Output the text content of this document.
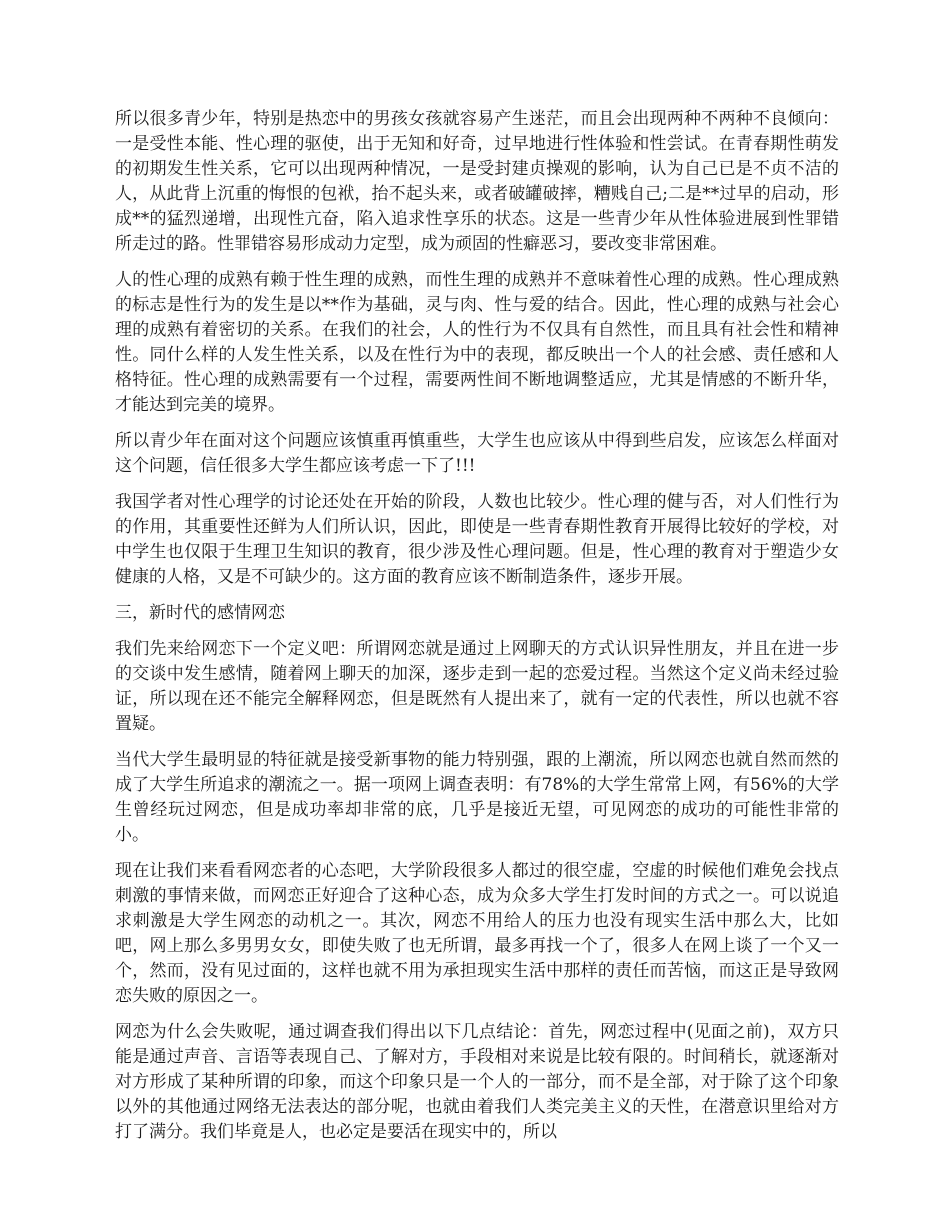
所以很多青少年，特别是热恋中的男孩女孩就容易产生迷茫，而且会出现两种不两种不良倾向：一是受性本能、性心理的驱使，出于无知和好奇，过早地进行性体验和性尝试。在青春期性萌发的初期发生性关系，它可以出现两种情况，一是受封建贞操观的影响，认为自己已是不贞不洁的人，从此背上沉重的悔恨的包袱，抬不起头来，或者破罐破摔，糟贱自己;二是**过早的启动，形成**的猛烈递增，出现性亢奋，陷入追求性享乐的状态。这是一些青少年从性体验进展到性罪错所走过的路。性罪错容易形成动力定型，成为顽固的性癖恶习，要改变非常困难。

人的性心理的成熟有赖于性生理的成熟，而性生理的成熟并不意味着性心理的成熟。性心理成熟的标志是性行为的发生是以**作为基础，灵与肉、性与爱的结合。因此，性心理的成熟与社会心理的成熟有着密切的关系。在我们的社会，人的性行为不仅具有自然性，而且具有社会性和精神性。同什么样的人发生性关系，以及在性行为中的表现，都反映出一个人的社会感、责任感和人格特征。性心理的成熟需要有一个过程，需要两性间不断地调整适应，尤其是情感的不断升华，才能达到完美的境界。

所以青少年在面对这个问题应该慎重再慎重些，大学生也应该从中得到些启发，应该怎么样面对这个问题，信任很多大学生都应该考虑一下了!!!

我国学者对性心理学的讨论还处在开始的阶段，人数也比较少。性心理的健与否，对人们性行为的作用，其重要性还鲜为人们所认识，因此，即使是一些青春期性教育开展得比较好的学校，对中学生也仅限于生理卫生知识的教育，很少涉及性心理问题。但是，性心理的教育对于塑造少女健康的人格，又是不可缺少的。这方面的教育应该不断制造条件，逐步开展。

三，新时代的感情网恋

我们先来给网恋下一个定义吧：所谓网恋就是通过上网聊天的方式认识异性朋友，并且在进一步的交谈中发生感情，随着网上聊天的加深，逐步走到一起的恋爱过程。当然这个定义尚未经过验证，所以现在还不能完全解释网恋，但是既然有人提出来了，就有一定的代表性，所以也就不容置疑。

当代大学生最明显的特征就是接受新事物的能力特别强，跟的上潮流，所以网恋也就自然而然的成了大学生所追求的潮流之一。据一项网上调查表明：有78%的大学生常常上网，有56%的大学生曾经玩过网恋，但是成功率却非常的底，几乎是接近无望，可见网恋的成功的可能性非常的小。

现在让我们来看看网恋者的心态吧，大学阶段很多人都过的很空虚，空虚的时候他们难免会找点刺激的事情来做，而网恋正好迎合了这种心态，成为众多大学生打发时间的方式之一。可以说追求刺激是大学生网恋的动机之一。其次，网恋不用给人的压力也没有现实生活中那么大，比如吧，网上那么多男男女女，即使失败了也无所谓，最多再找一个了，很多人在网上谈了一个又一个，然而，没有见过面的，这样也就不用为承担现实生活中那样的责任而苦恼，而这正是导致网恋失败的原因之一。

网恋为什么会失败呢，通过调查我们得出以下几点结论：首先，网恋过程中(见面之前)，双方只能是通过声音、言语等表现自己、了解对方，手段相对来说是比较有限的。时间稍长，就逐渐对对方形成了某种所谓的印象，而这个印象只是一个人的一部分，而不是全部，对于除了这个印象以外的其他通过网络无法表达的部分呢，也就由着我们人类完美主义的天性，在潜意识里给对方打了满分。我们毕竟是人，也必定是要活在现实中的，所以
